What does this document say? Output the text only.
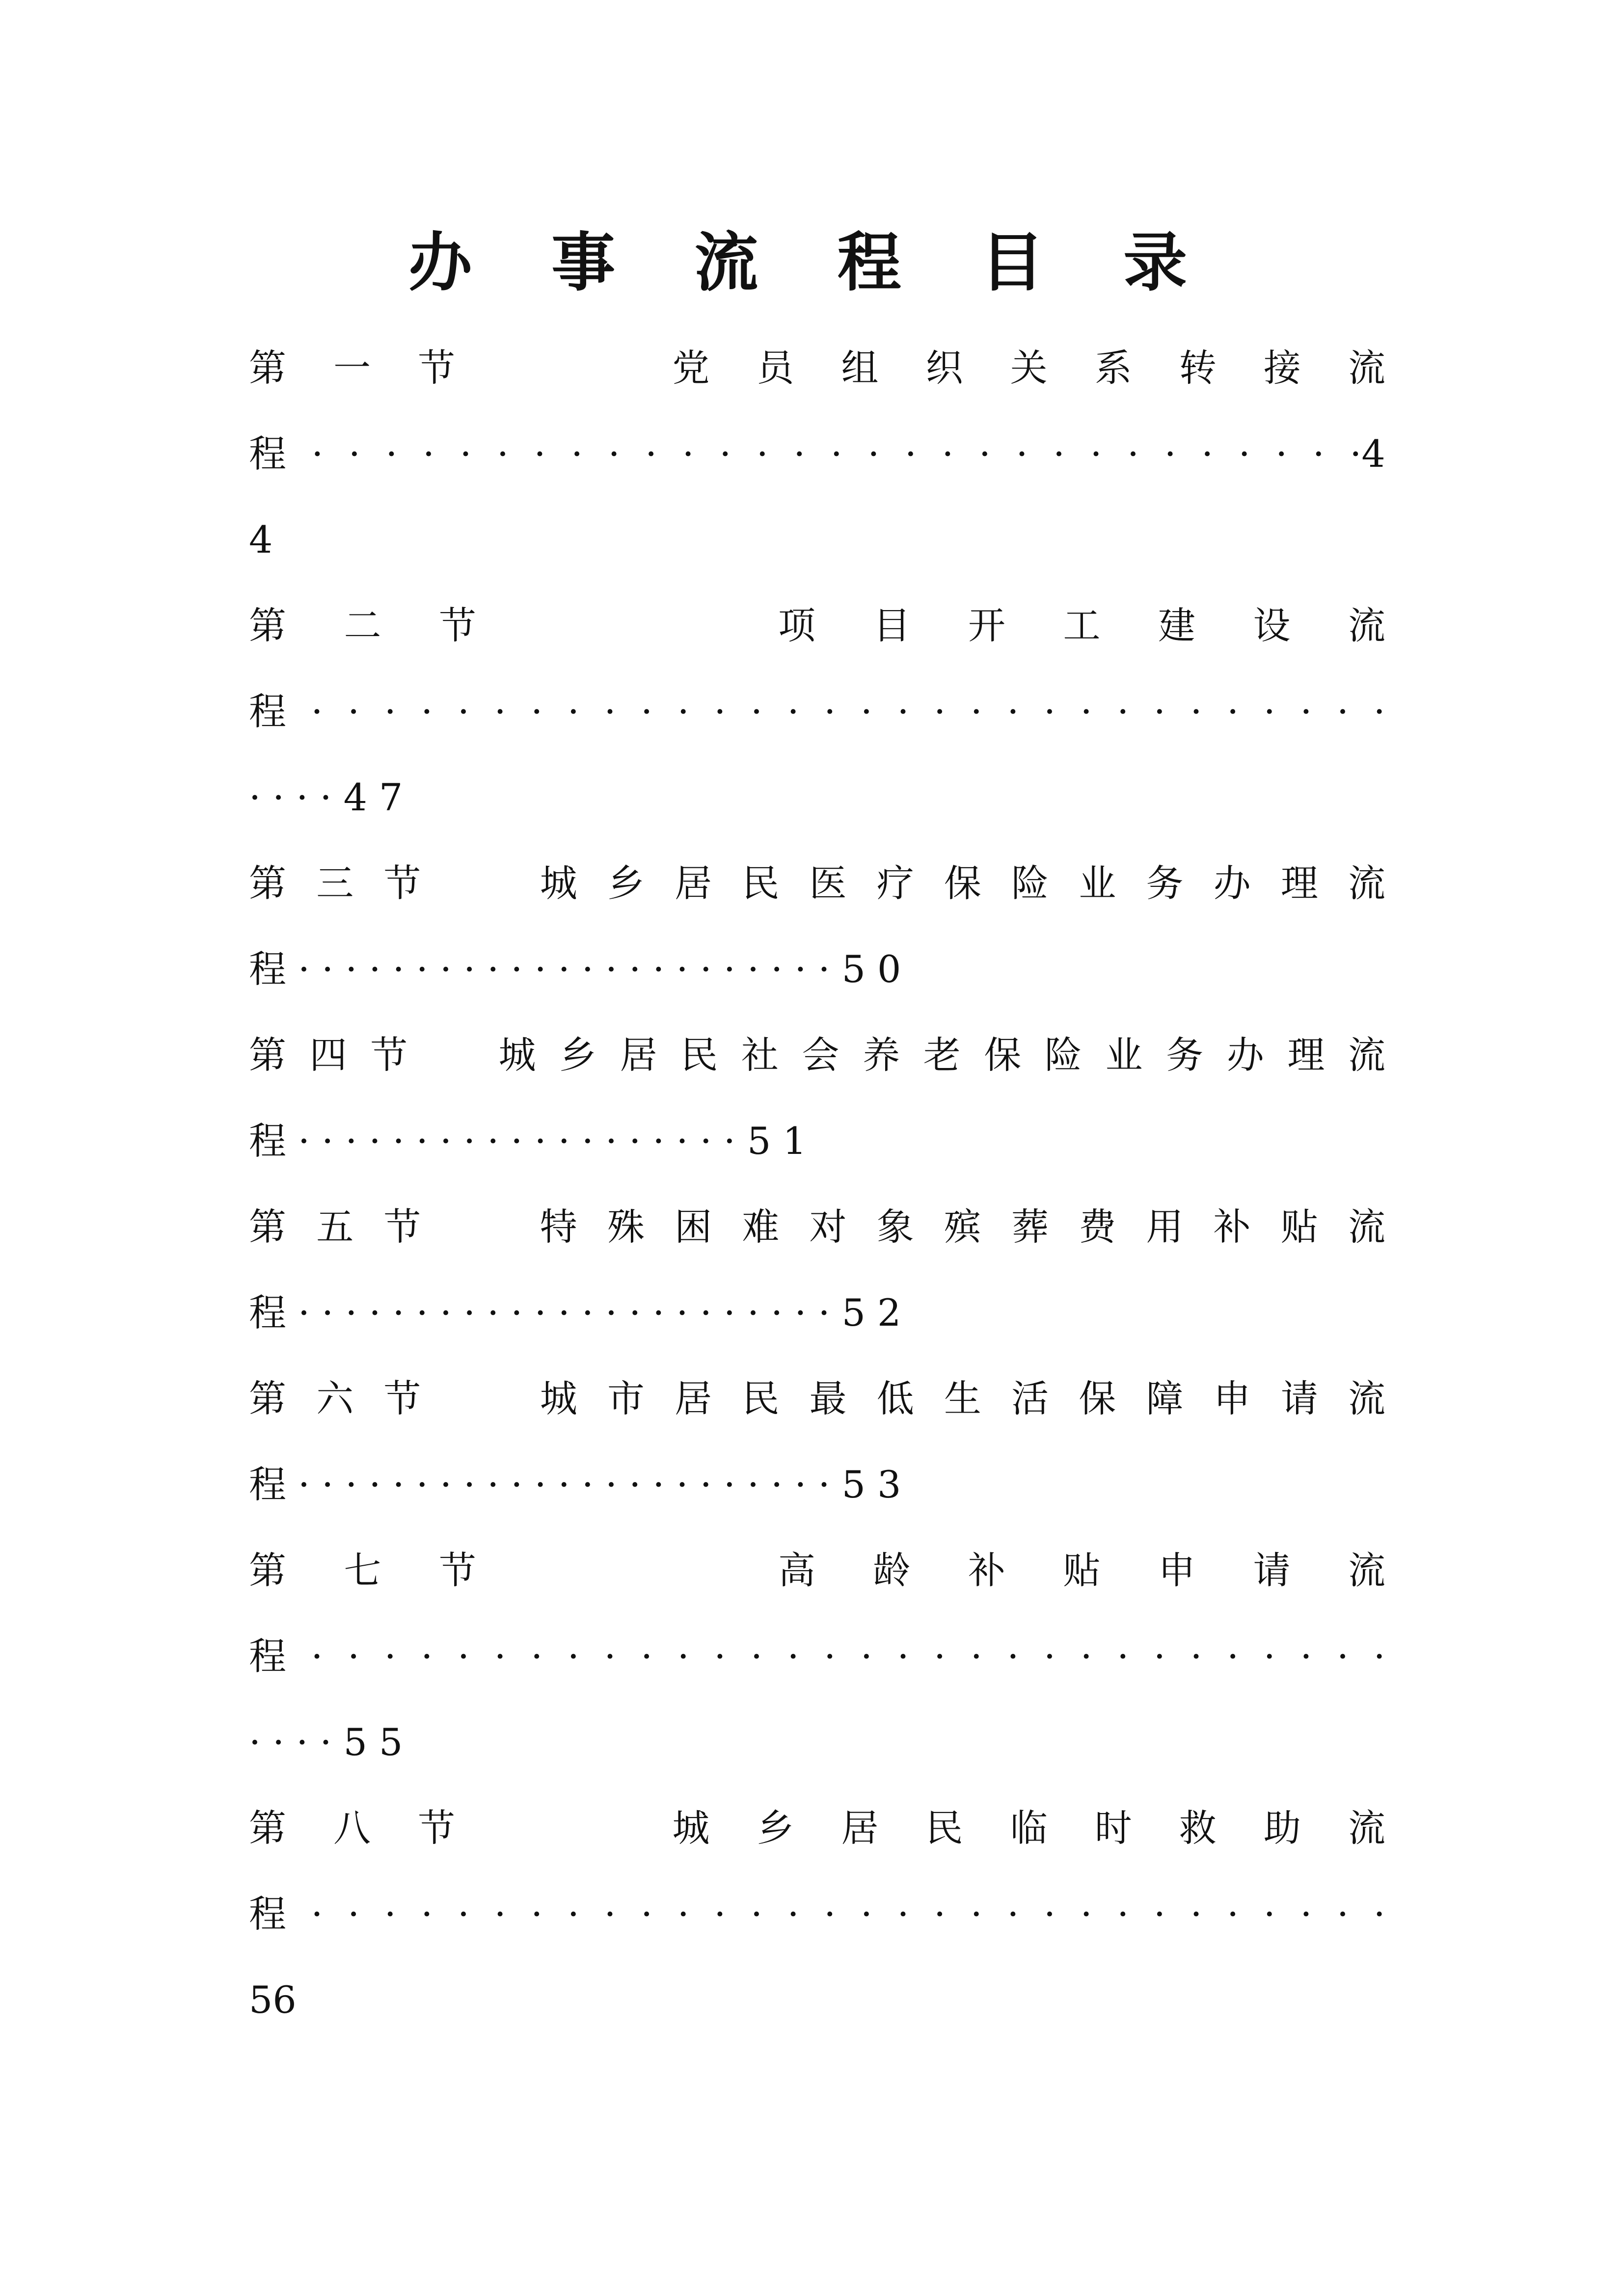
办 事 流 程 目 录
第 一 节	党 员 组 织 关 系 转 接 流
程 · · · · · · · · · · · · · · · · · · · · · · · · · · · · ·4
4
第 二 节	项 目 开 工 建 设 流
程 · · · · · · · · · · · · · · · · · · · · · · · · · · · · · ·
····47
第 三 节	城 乡 居 民 医 疗 保 险 业 务 办 理 流
程·······················50
第 四 节 城 乡 居 民 社 会 养 老 保 险 业 务 办 理 流
程···················51
第 五 节	特 殊 困 难 对 象 殡 葬 费 用 补 贴 流
程·······················52
第 六 节	城 市 居 民 最 低 生 活 保 障 申 请 流
程·······················53
第 七 节	高 龄 补 贴 申 请 流
程 · · · · · · · · · · · · · · · · · · · · · · · · · · · · · ·
····55
第 八 节	城 乡 居 民 临 时 救 助 流
程 · · · · · · · · · · · · · · · · · · · · · · · · · · · · · ·
56
